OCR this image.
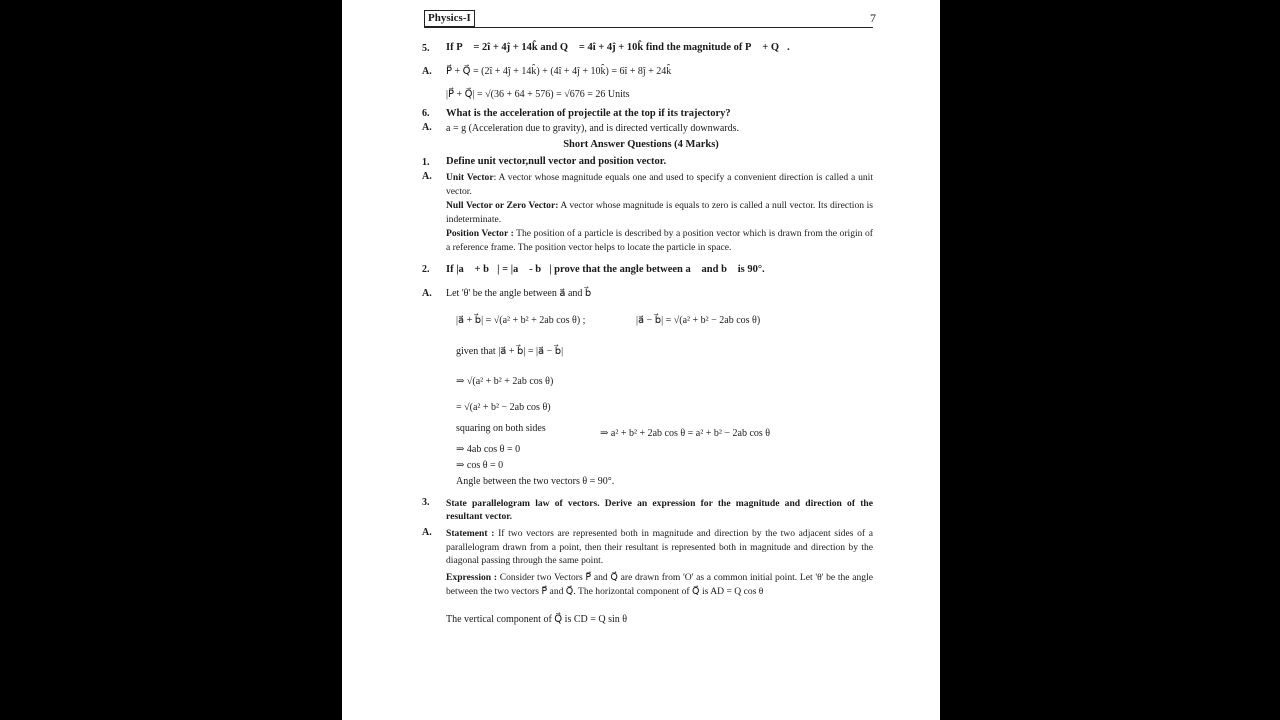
Physics-I	7
5. If P⃗ = 2î + 4ĵ + 14k̂ and Q⃗ = 4î + 4ĵ + 10k̂ find the magnitude of P⃗ + Q⃗.
A. P⃗ + Q⃗ = (2î + 4ĵ + 14k̂) + (4î + 4ĵ + 10k̂) = 6î + 8ĵ + 24k̂
|P⃗ + Q⃗| = √(36 + 64 + 576) = √676 = 26 Units
6. What is the acceleration of projectile at the top if its trajectory?
A. a = g (Acceleration due to gravity), and is directed vertically downwards.
Short Answer Questions (4 Marks)
1. Define unit vector,null vector and position vector.
A. Unit Vector: A vector whose magnitude equals one and used to specify a convenient direction is called a unit vector.
Null Vector or Zero Vector: A vector whose magnitude is equals to zero is called a null vector. Its direction is indeterminate.
Position Vector : The position of a particle is described by a position vector which is drawn from the origin of a reference frame. The position vector helps to locate the particle in space.
2. If |a⃗ + b⃗| = |a⃗ - b⃗| prove that the angle between a⃗ and b⃗ is 90°.
A. Let 'θ' be the angle between a⃗ and b⃗
|a⃗ + b⃗| = √(a² + b² + 2ab cos θ) ;	|a⃗ − b⃗| = √(a² + b² − 2ab cos θ)
given that |a⃗ + b⃗| = |a⃗ − b⃗|
⇒ √(a² + b² + 2ab cos θ)
= √(a² + b² − 2ab cos θ)
squaring on both sides	⇒ a² + b² + 2ab cos θ = a² + b² − 2ab cos θ
⇒ 4ab cos θ = 0
⇒ cos θ = 0
Angle between the two vectors θ = 90°.
3. State parallelogram law of vectors. Derive an expression for the magnitude and direction of the resultant vector.
A. Statement : If two vectors are represented both in magnitude and direction by the two adjacent sides of a parallelogram drawn from a point, then their resultant is represented both in magnitude and direction by the diagonal passing through the same point.
Expression : Consider two Vectors P⃗ and Q⃗ are drawn from 'O' as a common initial point. Let 'θ' be the angle between the two vectors P⃗ and Q⃗. The horizontal component of Q⃗ is AD = Q cos θ
The vertical component of Q⃗ is CD = Q sin θ
